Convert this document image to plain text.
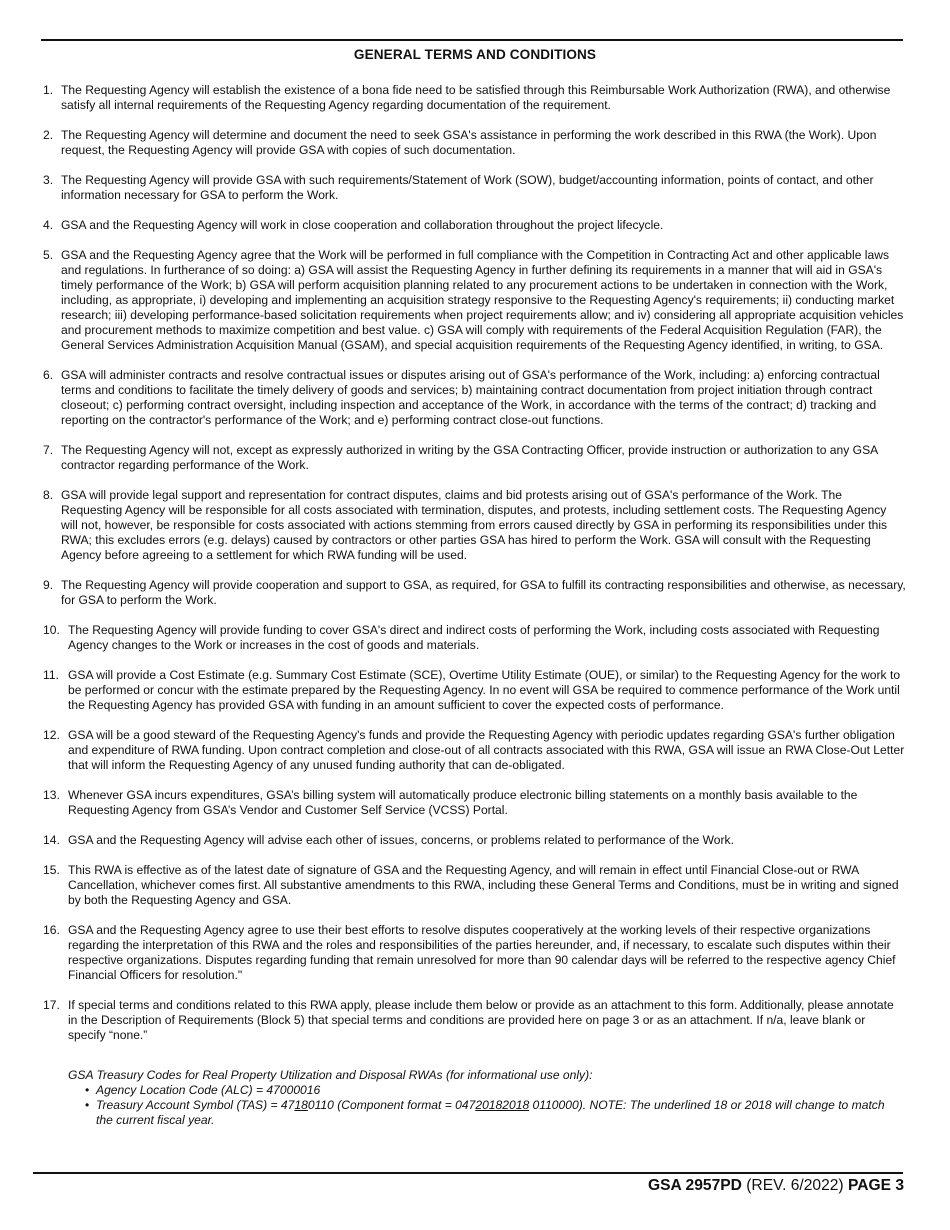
GENERAL TERMS AND CONDITIONS
1. The Requesting Agency will establish the existence of a bona fide need to be satisfied through this Reimbursable Work Authorization (RWA), and otherwise satisfy all internal requirements of the Requesting Agency regarding documentation of the requirement.
2. The Requesting Agency will determine and document the need to seek GSA's assistance in performing the work described in this RWA (the Work). Upon request, the Requesting Agency will provide GSA with copies of such documentation.
3. The Requesting Agency will provide GSA with such requirements/Statement of Work (SOW), budget/accounting information, points of contact, and other information necessary for GSA to perform the Work.
4. GSA and the Requesting Agency will work in close cooperation and collaboration throughout the project lifecycle.
5. GSA and the Requesting Agency agree that the Work will be performed in full compliance with the Competition in Contracting Act and other applicable laws and regulations. In furtherance of so doing: a) GSA will assist the Requesting Agency in further defining its requirements in a manner that will aid in GSA's timely performance of the Work; b) GSA will perform acquisition planning related to any procurement actions to be undertaken in connection with the Work, including, as appropriate, i) developing and implementing an acquisition strategy responsive to the Requesting Agency's requirements; ii) conducting market research; iii) developing performance-based solicitation requirements when project requirements allow; and iv) considering all appropriate acquisition vehicles and procurement methods to maximize competition and best value. c) GSA will comply with requirements of the Federal Acquisition Regulation (FAR), the General Services Administration Acquisition Manual (GSAM), and special acquisition requirements of the Requesting Agency identified, in writing, to GSA.
6. GSA will administer contracts and resolve contractual issues or disputes arising out of GSA's performance of the Work, including: a) enforcing contractual terms and conditions to facilitate the timely delivery of goods and services; b) maintaining contract documentation from project initiation through contract closeout; c) performing contract oversight, including inspection and acceptance of the Work, in accordance with the terms of the contract; d) tracking and reporting on the contractor's performance of the Work; and e) performing contract close-out functions.
7. The Requesting Agency will not, except as expressly authorized in writing by the GSA Contracting Officer, provide instruction or authorization to any GSA contractor regarding performance of the Work.
8. GSA will provide legal support and representation for contract disputes, claims and bid protests arising out of GSA's performance of the Work. The Requesting Agency will be responsible for all costs associated with termination, disputes, and protests, including settlement costs. The Requesting Agency will not, however, be responsible for costs associated with actions stemming from errors caused directly by GSA in performing its responsibilities under this RWA; this excludes errors (e.g. delays) caused by contractors or other parties GSA has hired to perform the Work. GSA will consult with the Requesting Agency before agreeing to a settlement for which RWA funding will be used.
9. The Requesting Agency will provide cooperation and support to GSA, as required, for GSA to fulfill its contracting responsibilities and otherwise, as necessary, for GSA to perform the Work.
10. The Requesting Agency will provide funding to cover GSA's direct and indirect costs of performing the Work, including costs associated with Requesting Agency changes to the Work or increases in the cost of goods and materials.
11. GSA will provide a Cost Estimate (e.g. Summary Cost Estimate (SCE), Overtime Utility Estimate (OUE), or similar) to the Requesting Agency for the work to be performed or concur with the estimate prepared by the Requesting Agency. In no event will GSA be required to commence performance of the Work until the Requesting Agency has provided GSA with funding in an amount sufficient to cover the expected costs of performance.
12. GSA will be a good steward of the Requesting Agency's funds and provide the Requesting Agency with periodic updates regarding GSA's further obligation and expenditure of RWA funding. Upon contract completion and close-out of all contracts associated with this RWA, GSA will issue an RWA Close-Out Letter that will inform the Requesting Agency of any unused funding authority that can de-obligated.
13. Whenever GSA incurs expenditures, GSA’s billing system will automatically produce electronic billing statements on a monthly basis available to the Requesting Agency from GSA’s Vendor and Customer Self Service (VCSS) Portal.
14. GSA and the Requesting Agency will advise each other of issues, concerns, or problems related to performance of the Work.
15. This RWA is effective as of the latest date of signature of GSA and the Requesting Agency, and will remain in effect until Financial Close-out or RWA Cancellation, whichever comes first. All substantive amendments to this RWA, including these General Terms and Conditions, must be in writing and signed by both the Requesting Agency and GSA.
16. GSA and the Requesting Agency agree to use their best efforts to resolve disputes cooperatively at the working levels of their respective organizations regarding the interpretation of this RWA and the roles and responsibilities of the parties hereunder, and, if necessary, to escalate such disputes within their respective organizations. Disputes regarding funding that remain unresolved for more than 90 calendar days will be referred to the respective agency Chief Financial Officers for resolution."
17. If special terms and conditions related to this RWA apply, please include them below or provide as an attachment to this form. Additionally, please annotate in the Description of Requirements (Block 5) that special terms and conditions are provided here on page 3 or as an attachment. If n/a, leave blank or specify “none.”
GSA Treasury Codes for Real Property Utilization and Disposal RWAs (for informational use only):
• Agency Location Code (ALC) = 47000016
• Treasury Account Symbol (TAS) = 47180110 (Component format = 04720182018 0110000). NOTE: The underlined 18 or 2018 will change to match the current fiscal year.
GSA 2957PD (REV. 6/2022) PAGE 3
